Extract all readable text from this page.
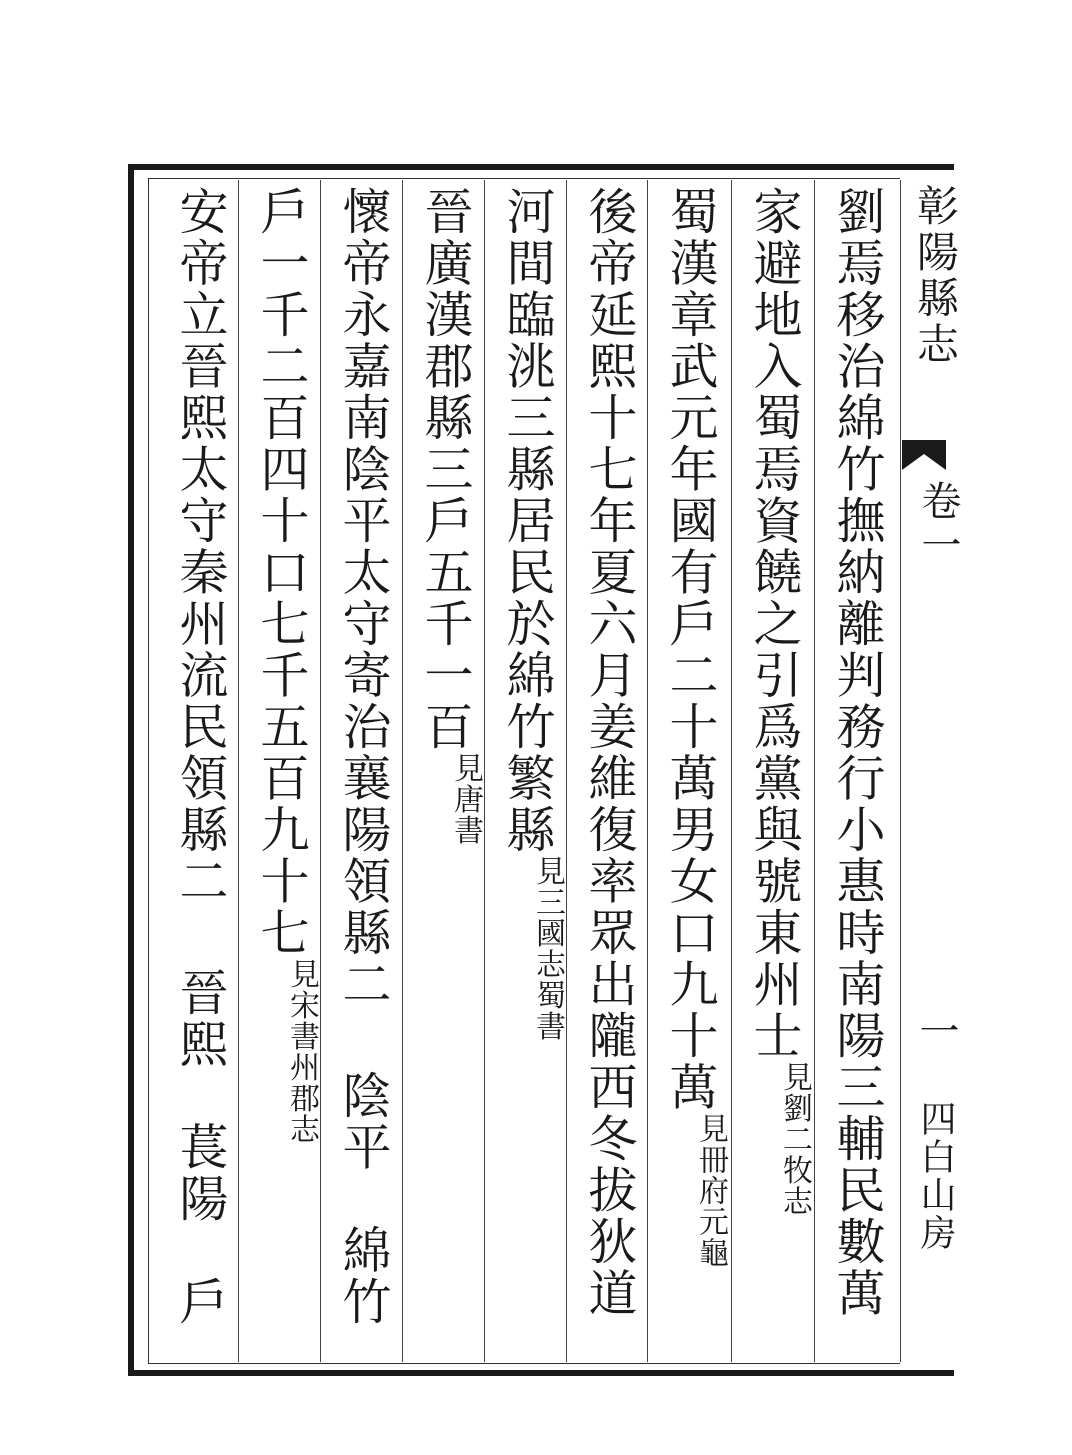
彰陽縣志
卷一
一
四白山房
劉焉移治綿竹撫納離判務行小惠時南陽三輔民數萬
家避地入蜀焉資饒之引爲黨與號東州士$^{見劉二牧志}$
蜀漢章武元年國有戶二十萬男女口九十萬$^{見冊府元龜}$
後帝延熙十七年夏六月姜維復率眾出隴西冬拔狄道
河間臨洮三縣居民於綿竹繁縣$^{見三國志蜀書}$
晉廣漢郡縣三戶五千一百$^{見唐書}$
懷帝永嘉南陰平太守寄治襄陽領縣二陰平　綿竹
戶一千二百四十口七千五百九十七$^{見宋書州郡志}$
安帝立晉熙太守秦州流民領縣二晉熙　萇陽　戶
